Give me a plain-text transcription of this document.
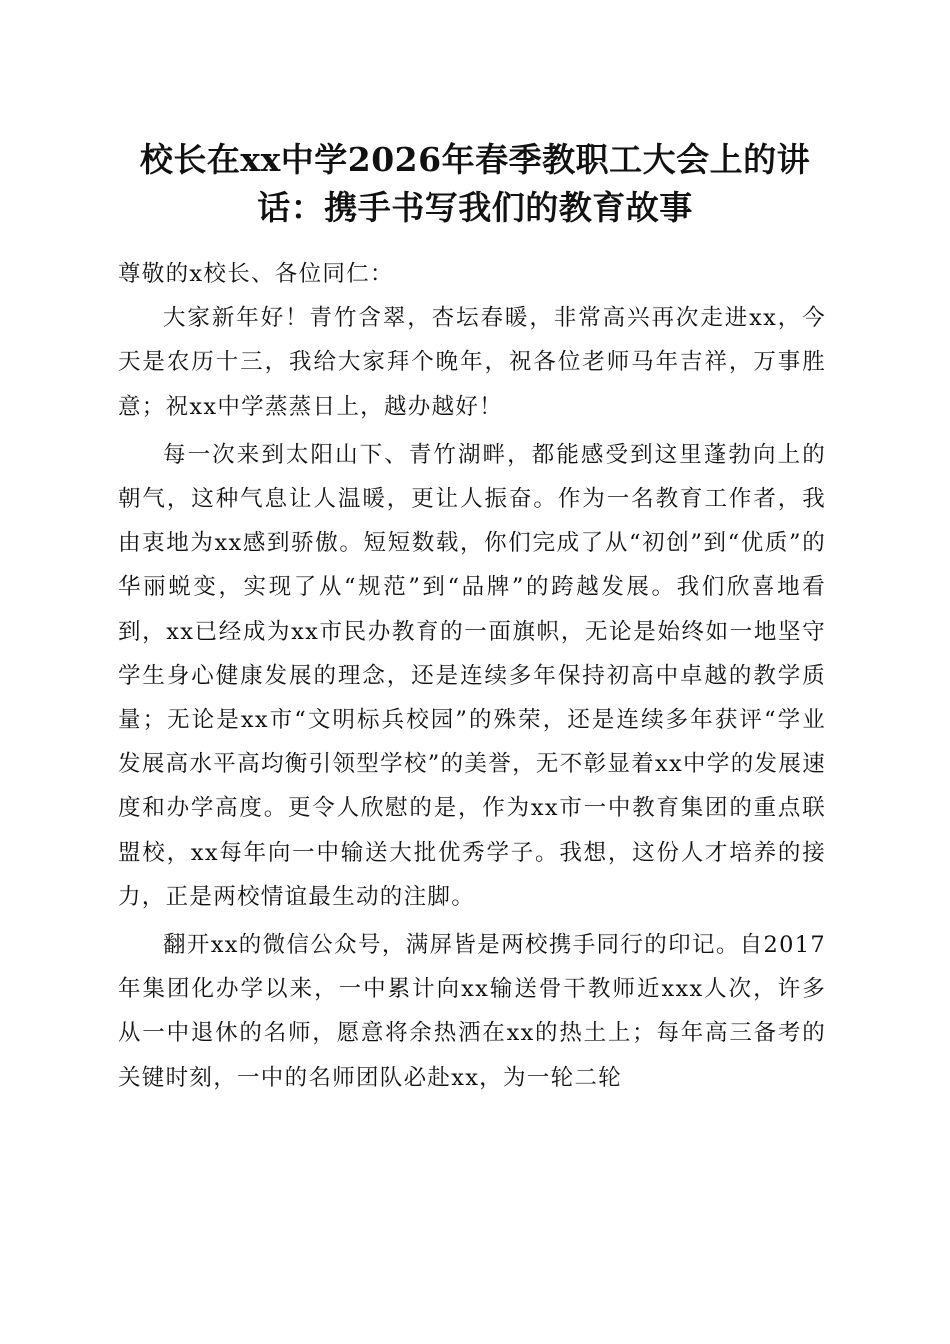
校长在xx中学2026年春季教职工大会上的讲话：携手书写我们的教育故事

尊敬的x校长、各位同仁：

大家新年好！青竹含翠，杏坛春暖，非常高兴再次走进xx，今天是农历十三，我给大家拜个晚年，祝各位老师马年吉祥，万事胜意；祝xx中学蒸蒸日上，越办越好！

每一次来到太阳山下、青竹湖畔，都能感受到这里蓬勃向上的朝气，这种气息让人温暖，更让人振奋。作为一名教育工作者，我由衷地为xx感到骄傲。短短数载，你们完成了从“初创”到“优质”的华丽蜕变，实现了从“规范”到“品牌”的跨越发展。我们欣喜地看到，xx已经成为xx市民办教育的一面旗帜，无论是始终如一地坚守学生身心健康发展的理念，还是连续多年保持初高中卓越的教学质量；无论是xx市“文明标兵校园”的殊荣，还是连续多年获评“学业发展高水平高均衡引领型学校”的美誉，无不彰显着xx中学的发展速度和办学高度。更令人欣慰的是，作为xx市一中教育集团的重点联盟校，xx每年向一中输送大批优秀学子。我想，这份人才培养的接力，正是两校情谊最生动的注脚。

翻开xx的微信公众号，满屏皆是两校携手同行的印记。自2017年集团化办学以来，一中累计向xx输送骨干教师近xxx人次，许多从一中退休的名师，愿意将余热洒在xx的热土上；每年高三备考的关键时刻，一中的名师团队必赴xx，为一轮二轮
